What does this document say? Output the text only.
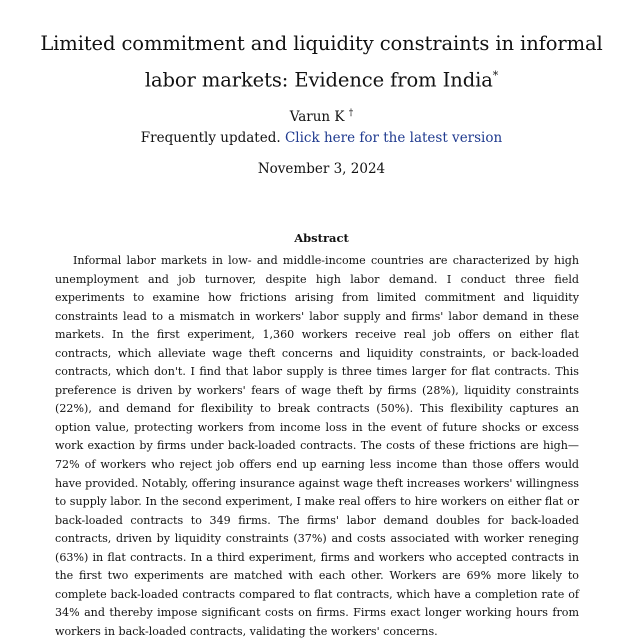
Limited commitment and liquidity constraints in informal labor markets: Evidence from India*
Varun K †
Frequently updated. Click here for the latest version
November 3, 2024
Abstract

Informal labor markets in low- and middle-income countries are characterized by high unemployment and job turnover, despite high labor demand. I conduct three field experiments to examine how frictions arising from limited commitment and liquidity constraints lead to a mismatch in workers' labor supply and firms' labor demand in these markets. In the first experiment, 1,360 workers receive real job offers on either flat contracts, which alleviate wage theft concerns and liquidity constraints, or back-loaded contracts, which don't. I find that labor supply is three times larger for flat contracts. This preference is driven by workers' fears of wage theft by firms (28%), liquidity constraints (22%), and demand for flexibility to break contracts (50%). This flexibility captures an option value, protecting workers from income loss in the event of future shocks or excess work exaction by firms under back-loaded contracts. The costs of these frictions are high—72% of workers who reject job offers end up earning less income than those offers would have provided. Notably, offering insurance against wage theft increases workers' willingness to supply labor. In the second experiment, I make real offers to hire workers on either flat or back-loaded contracts to 349 firms. The firms' labor demand doubles for back-loaded contracts, driven by liquidity constraints (37%) and costs associated with worker reneging (63%) in flat contracts. In a third experiment, firms and workers who accepted contracts in the first two experiments are matched with each other. Workers are 69% more likely to complete back-loaded contracts compared to flat contracts, which have a completion rate of 34% and thereby impose significant costs on firms. Firms exact longer working hours from workers in back-loaded contracts, validating the workers' concerns.
